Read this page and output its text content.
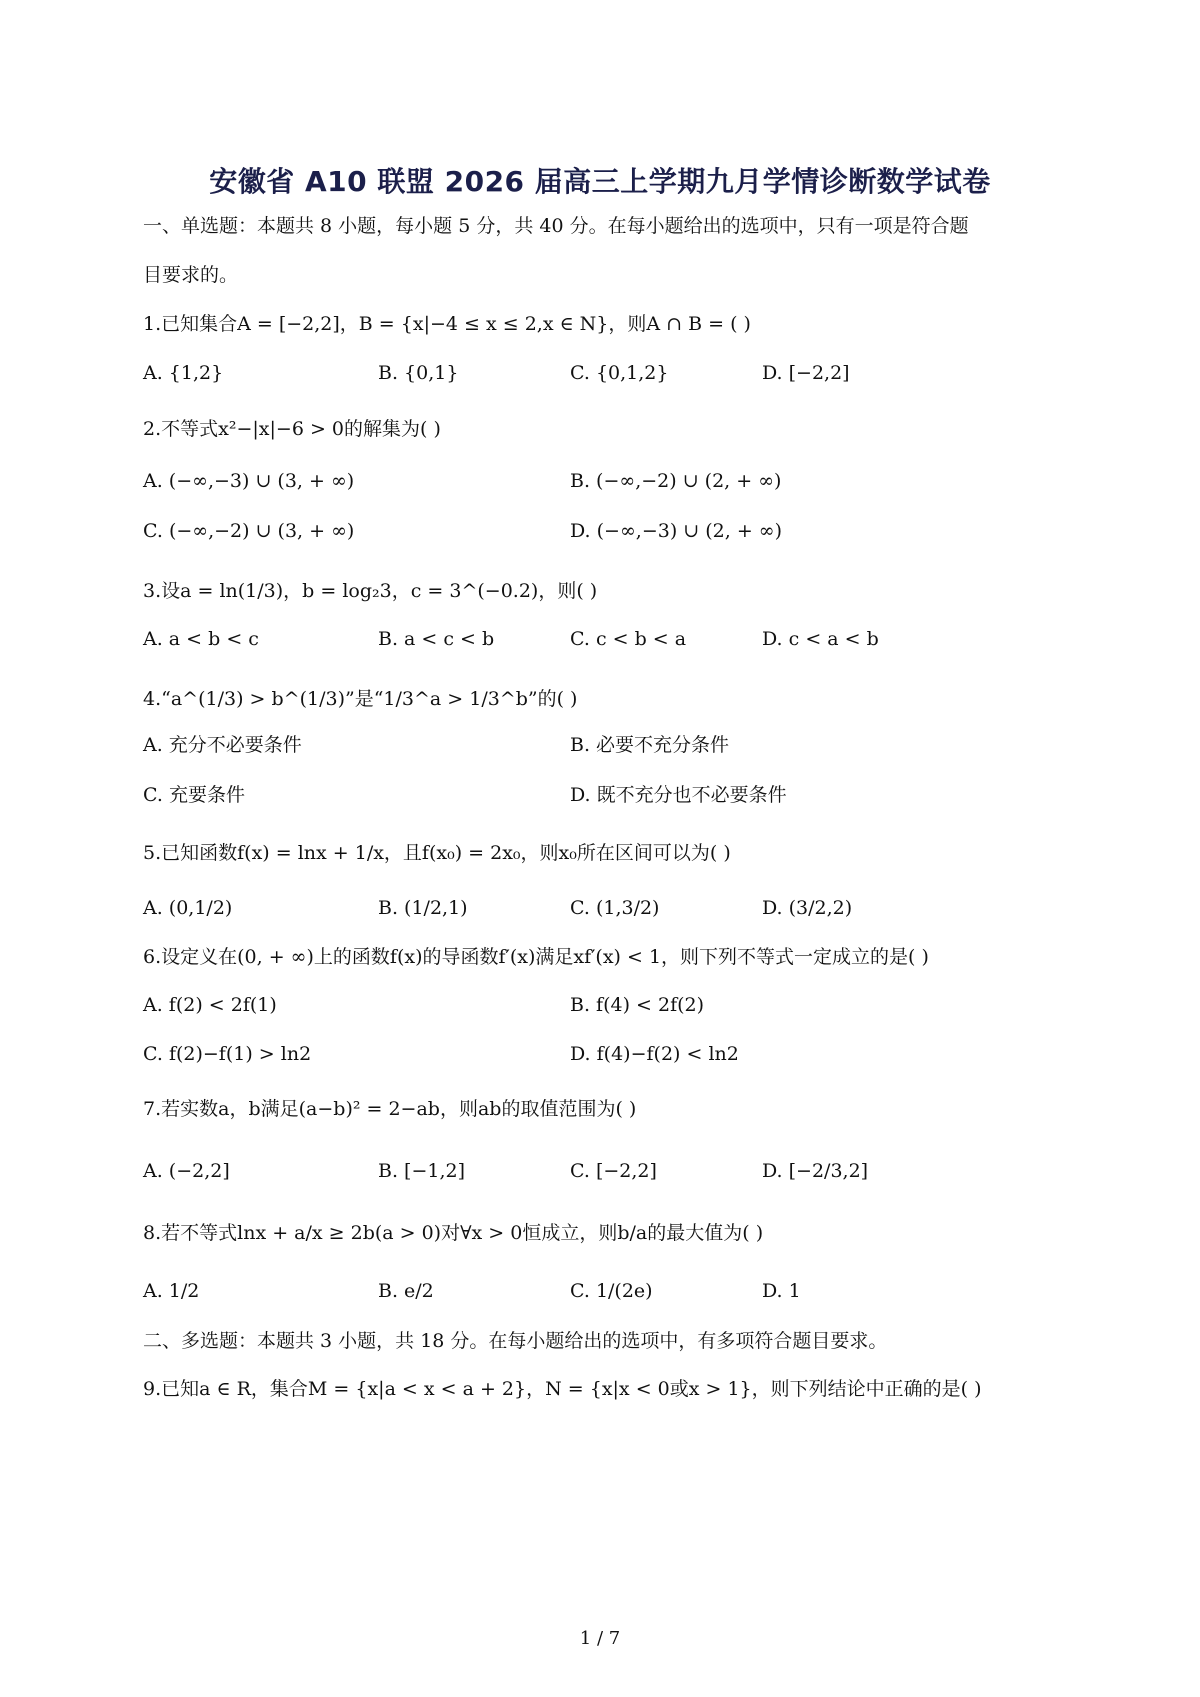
安徽省 A10 联盟 2026 届高三上学期九月学情诊断数学试卷
一、单选题：本题共 8 小题，每小题 5 分，共 40 分。在每小题给出的选项中，只有一项是符合题
目要求的。
1.已知集合A = [−2,2]，B = {x|−4 ≤ x ≤ 2,x ∈ N}，则A ∩ B = ( )
A. {1,2}	B. {0,1}	C. {0,1,2}	D. [−2,2]
2.不等式x²−|x|−6 > 0的解集为( )
A. (−∞,−3) ∪ (3, + ∞)	B. (−∞,−2) ∪ (2, + ∞)
C. (−∞,−2) ∪ (3, + ∞)	D. (−∞,−3) ∪ (2, + ∞)
3.设a = ln(1/3)，b = log₂3，c = 3^(−0.2)，则( )
A. a < b < c	B. a < c < b	C. c < b < a	D. c < a < b
4.“a^(1/3) > b^(1/3)”是“1/3^a > 1/3^b”的( )
A. 充分不必要条件	B. 必要不充分条件
C. 充要条件	D. 既不充分也不必要条件
5.已知函数f(x) = lnx + 1/x，且f(x₀) = 2x₀，则x₀所在区间可以为( )
A. (0,1/2)	B. (1/2,1)	C. (1,3/2)	D. (3/2,2)
6.设定义在(0, + ∞)上的函数f(x)的导函数f′(x)满足xf′(x) < 1，则下列不等式一定成立的是( )
A. f(2) < 2f(1)	B. f(4) < 2f(2)
C. f(2)−f(1) > ln2	D. f(4)−f(2) < ln2
7.若实数a，b满足(a−b)² = 2−ab，则ab的取值范围为( )
A. (−2,2]	B. [−1,2]	C. [−2,2]	D. [−2/3,2]
8.若不等式lnx + a/x ≥ 2b(a > 0)对∀x > 0恒成立，则b/a的最大值为( )
A. 1/2	B. e/2	C. 1/(2e)	D. 1
二、多选题：本题共 3 小题，共 18 分。在每小题给出的选项中，有多项符合题目要求。
9.已知a ∈ R，集合M = {x|a < x < a + 2}，N = {x|x < 0或x > 1}，则下列结论中正确的是( )
1 / 7
